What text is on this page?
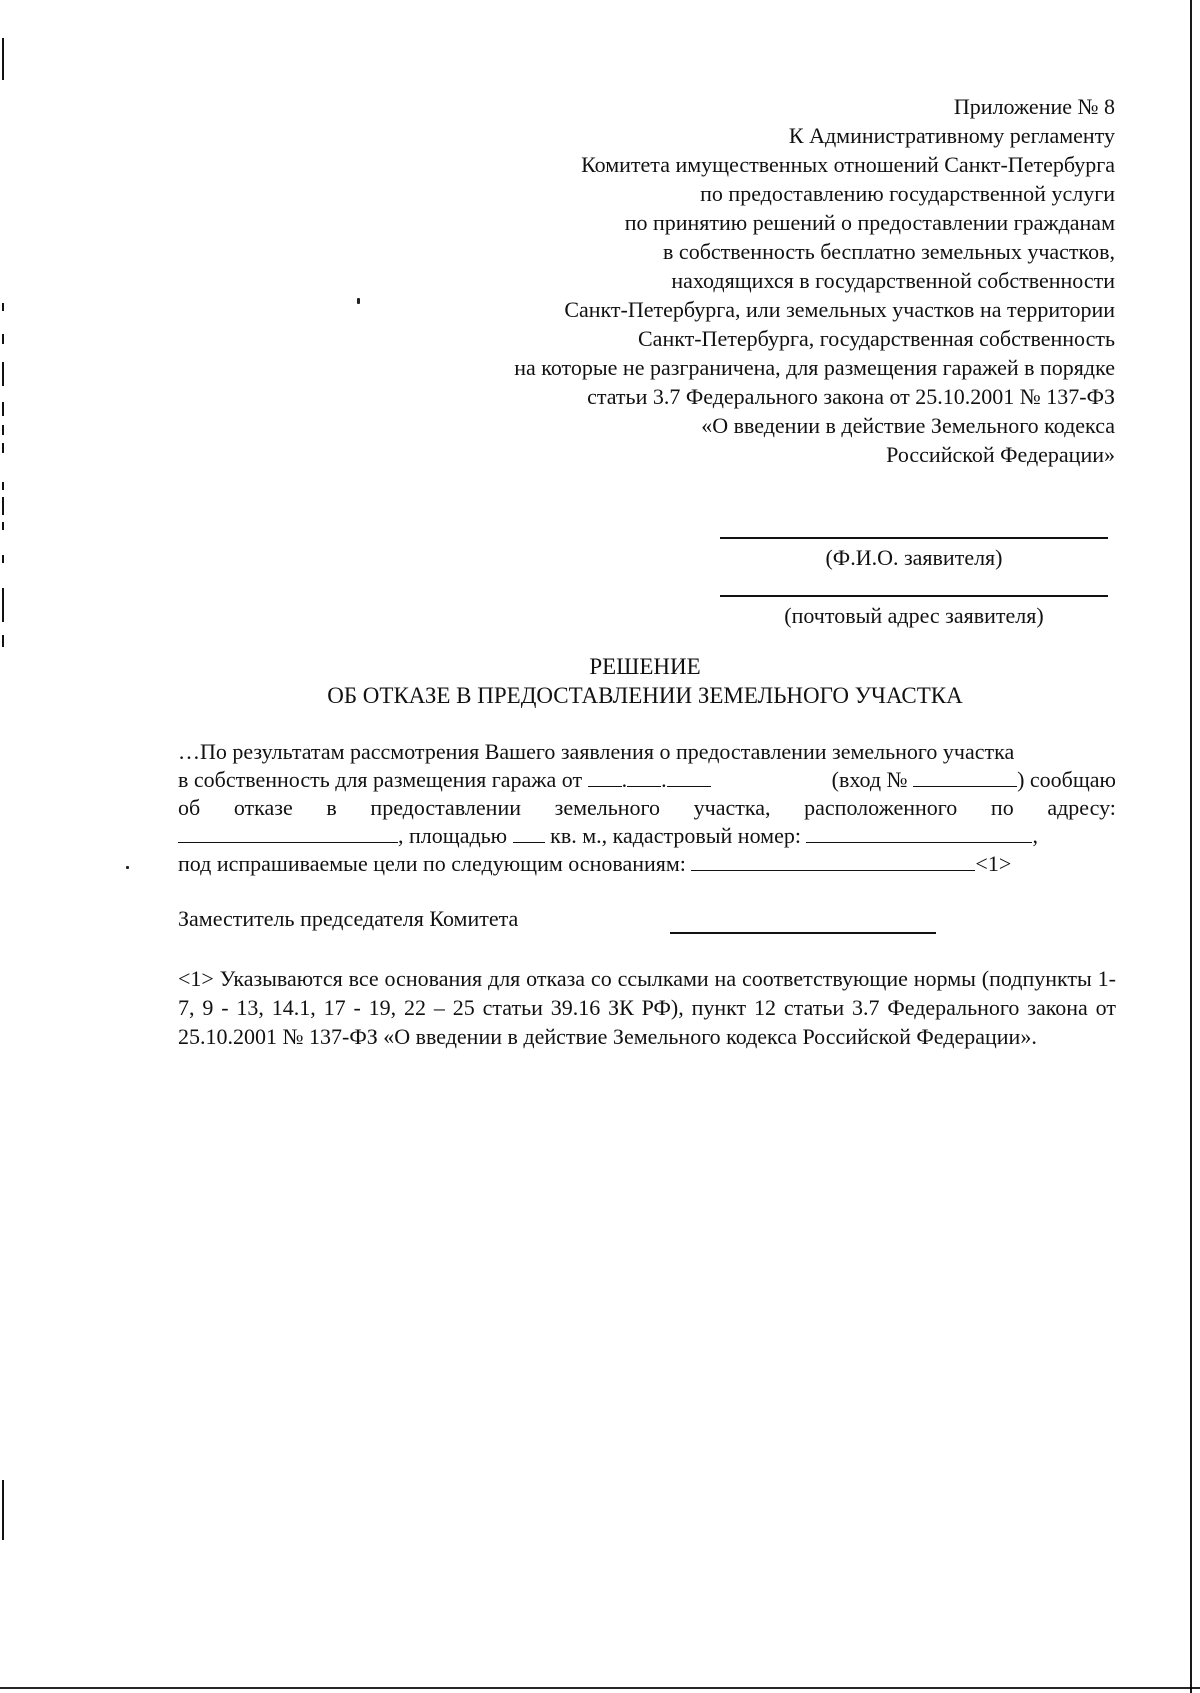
Приложение № 8
К Административному регламенту
Комитета имущественных отношений Санкт-Петербурга
по предоставлению государственной услуги
по принятию решений о предоставлении гражданам
в собственность бесплатно земельных участков,
находящихся в государственной собственности
Санкт-Петербурга, или земельных участков на территории
Санкт-Петербурга, государственная собственность
на которые не разграничена, для размещения гаражей в порядке
статьи 3.7 Федерального закона от 25.10.2001 № 137-ФЗ
«О введении в действие Земельного кодекса
Российской Федерации»
(Ф.И.О. заявителя)
(почтовый адрес заявителя)
РЕШЕНИЕ
ОБ ОТКАЗЕ В ПРЕДОСТАВЛЕНИИ ЗЕМЕЛЬНОГО УЧАСТКА
…По результатам рассмотрения Вашего заявления о предоставлении земельного участка
в собственность для размещения гаража от . .	(вход №	) сообщаю
об отказе в предоставлении земельного участка, расположенного по адресу:
, площадью кв. м., кадастровый номер:	,
под испрашиваемые цели по следующим основаниям:	<1>
Заместитель председателя Комитета
<1> Указываются все основания для отказа со ссылками на соответствующие нормы (подпункты 1-7, 9 - 13, 14.1, 17 - 19, 22 – 25 статьи 39.16 ЗК РФ), пункт 12 статьи 3.7 Федерального закона от 25.10.2001 № 137-ФЗ «О введении в действие Земельного кодекса Российской Федерации».
